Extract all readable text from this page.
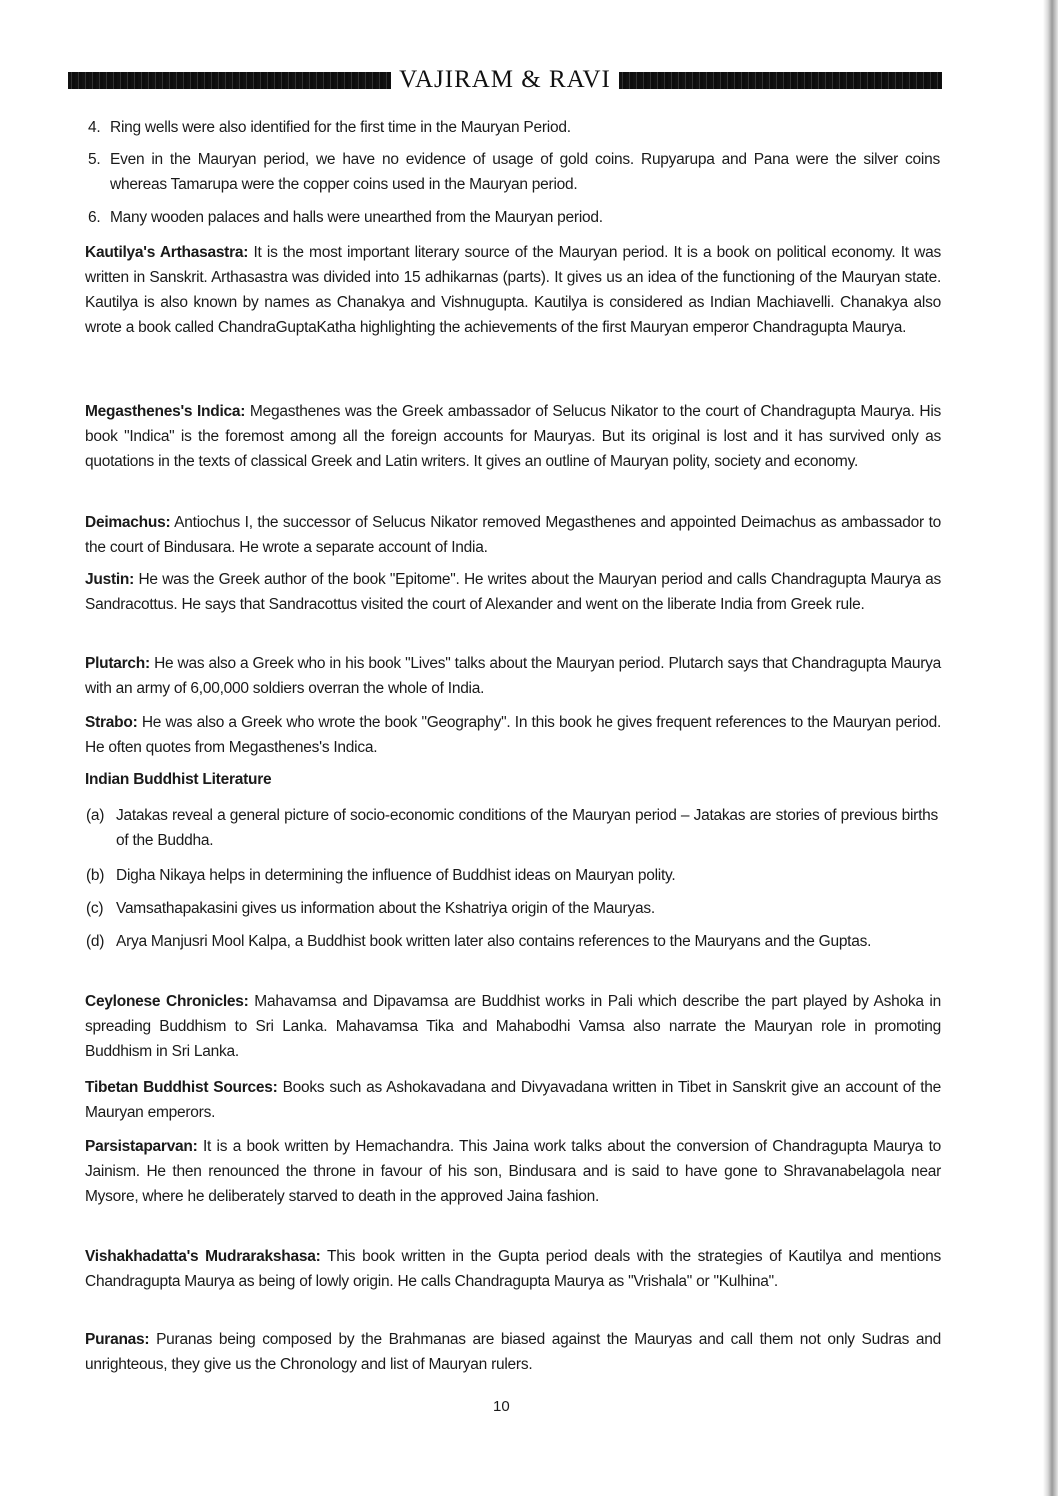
VAJIRAM & RAVI
4. Ring wells were also identified for the first time in the Mauryan Period.
5. Even in the Mauryan period, we have no evidence of usage of gold coins. Rupyarupa and Pana were the silver coins whereas Tamarupa were the copper coins used in the Mauryan period.
6. Many wooden palaces and halls were unearthed from the Mauryan period.
Kautilya's Arthasastra: It is the most important literary source of the Mauryan period. It is a book on political economy. It was written in Sanskrit. Arthasastra was divided into 15 adhikarnas (parts). It gives us an idea of the functioning of the Mauryan state. Kautilya is also known by names as Chanakya and Vishnugupta. Kautilya is considered as Indian Machiavelli. Chanakya also wrote a book called ChandraGuptaKatha highlighting the achievements of the first Mauryan emperor Chandragupta Maurya.
Megasthenes's Indica: Megasthenes was the Greek ambassador of Selucus Nikator to the court of Chandragupta Maurya. His book "Indica" is the foremost among all the foreign accounts for Mauryas. But its original is lost and it has survived only as quotations in the texts of classical Greek and Latin writers. It gives an outline of Mauryan polity, society and economy.
Deimachus: Antiochus I, the successor of Selucus Nikator removed Megasthenes and appointed Deimachus as ambassador to the court of Bindusara. He wrote a separate account of India.
Justin: He was the Greek author of the book "Epitome". He writes about the Mauryan period and calls Chandragupta Maurya as Sandracottus. He says that Sandracottus visited the court of Alexander and went on the liberate India from Greek rule.
Plutarch: He was also a Greek who in his book "Lives" talks about the Mauryan period. Plutarch says that Chandragupta Maurya with an army of 6,00,000 soldiers overran the whole of India.
Strabo: He was also a Greek who wrote the book "Geography". In this book he gives frequent references to the Mauryan period. He often quotes from Megasthenes's Indica.
Indian Buddhist Literature
(a) Jatakas reveal a general picture of socio-economic conditions of the Mauryan period – Jatakas are stories of previous births of the Buddha.
(b) Digha Nikaya helps in determining the influence of Buddhist ideas on Mauryan polity.
(c) Vamsathapakasini gives us information about the Kshatriya origin of the Mauryas.
(d) Arya Manjusri Mool Kalpa, a Buddhist book written later also contains references to the Mauryans and the Guptas.
Ceylonese Chronicles: Mahavamsa and Dipavamsa are Buddhist works in Pali which describe the part played by Ashoka in spreading Buddhism to Sri Lanka. Mahavamsa Tika and Mahabodhi Vamsa also narrate the Mauryan role in promoting Buddhism in Sri Lanka.
Tibetan Buddhist Sources: Books such as Ashokavadana and Divyavadana written in Tibet in Sanskrit give an account of the Mauryan emperors.
Parsistaparvan: It is a book written by Hemachandra. This Jaina work talks about the conversion of Chandragupta Maurya to Jainism. He then renounced the throne in favour of his son, Bindusara and is said to have gone to Shravanabelagola near Mysore, where he deliberately starved to death in the approved Jaina fashion.
Vishakhadatta's Mudrarakshasa: This book written in the Gupta period deals with the strategies of Kautilya and mentions Chandragupta Maurya as being of lowly origin. He calls Chandragupta Maurya as "Vrishala" or "Kulhina".
Puranas: Puranas being composed by the Brahmanas are biased against the Mauryas and call them not only Sudras and unrighteous, they give us the Chronology and list of Mauryan rulers.
10
